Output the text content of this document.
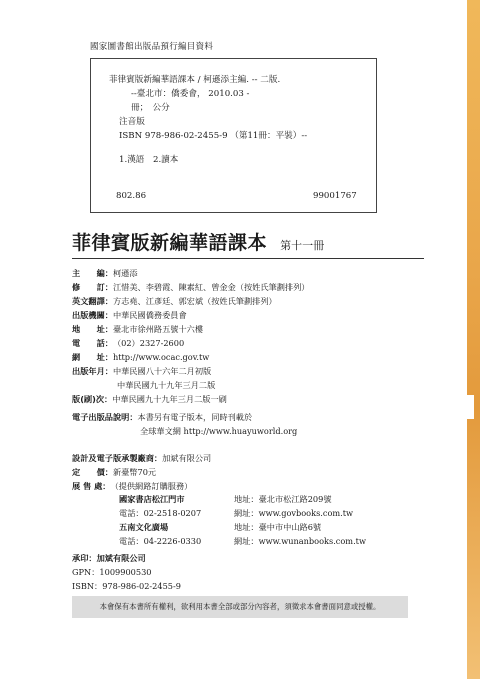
國家圖書館出版品預行編目資料
菲律賓版新編華語課本 / 柯遜添主編. -- 二版.
--臺北市：僑委會， 2010.03 -
冊；　公分
注音版
ISBN 978-986-02-2455-9 （第11冊：平裝）--
1.漢語　2.讀本
802.86	99001767
菲律賓版新編華語課本 第十一冊
主　　編：柯遜添
修　　訂：江惜美、李碧霞、陳素紅、曾金金（按姓氏筆劃排列）
英文翻譯：方志堯、江彥廷、郭宏斌（按姓氏筆劃排列）
出版機關：中華民國僑務委員會
地　　址：臺北市徐州路五號十六樓
電　　話：（02）2327-2600
網　　址：http://www.ocac.gov.tw
出版年月：中華民國八十六年二月初版
中華民國九十九年三月二版
版(刷)次：中華民國九十九年三月二版一刷
電子出版品說明：本書另有電子版本，同時刊載於
全球華文網 http://www.huayuworld.org
設計及電子版承製廠商：加斌有限公司
定　　價：新臺幣70元
展 售 處：（提供網路訂購服務）
國家書店松江門市	地址：臺北市松江路209號
電話：02-2518-0207	網址：www.govbooks.com.tw
五南文化廣場	地址：臺中市中山路6號
電話：04-2226-0330	網址：www.wunanbooks.com.tw
承印：加斌有限公司
GPN：1009900530
ISBN：978-986-02-2455-9
本會保有本書所有權利，欲利用本書全部或部分內容者，須徵求本會書面同意或授權。
